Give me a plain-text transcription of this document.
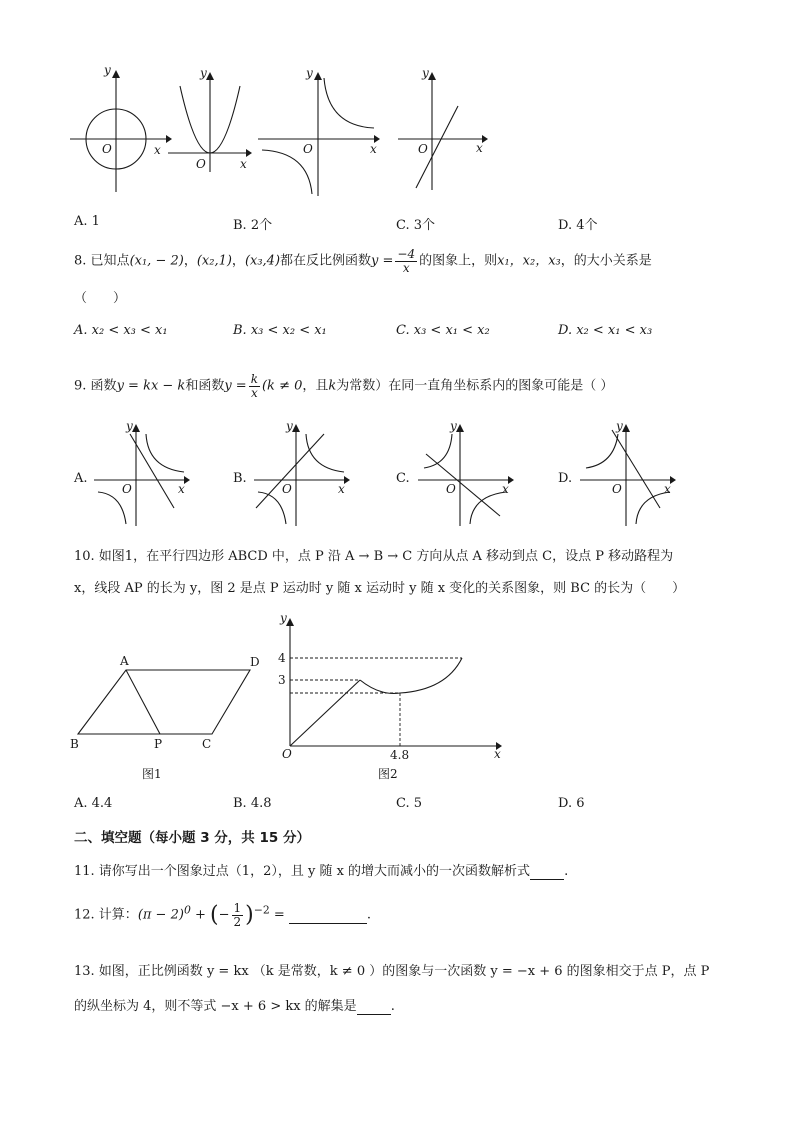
y
x
O
y
x
O
y
x
O
y
x
O
A. 1	B. 2个	C. 3个	D. 4个
8. 已知点(x₁, − 2)，(x₂,1)，(x₃,4)都在反比例函数$y = \frac{-4}{x}$ 的图象上，则x₁，x₂，x₃，的大小关系是
（　　）
A. x₂ < x₃ < x₁	B. x₃ < x₂ < x₁	C. x₃ < x₁ < x₂	D. x₂ < x₁ < x₃
9. 函数y = kx − k和函数$y = \frac{k}{x} (k \ne 0$，且k为常数）在同一直角坐标系内的图象可能是（ ）
A.
y
x
O
B.
y
x
O
C.
y
x
O
D.
y
x
O
10. 如图1，在平行四边形 ABCD 中，点 P 沿 A → B → C 方向从点 A 移动到点 C，设点 P 移动路程为
x，线段 AP 的长为 y，图 2 是点 P 运动时 y 随 x 运动时 y 随 x 变化的关系图象，则 BC 的长为（　　）
A	D
B	P	C
图1
y
x
4
3
O	4.8
图2
A. 4.4	B. 4.8	C. 5	D. 6
二、填空题（每小题 3 分，共 15 分）
11. 请你写出一个图象过点（1，2），且 y 随 x 的增大而减小的一次函数解析式	.
12. 计算：$(\pi - 2)^0$ + (− $\frac{1}{2} )^{-2}$ =	.
13. 如图，正比例函数 y = kx （k 是常数，k ≠ 0 ）的图象与一次函数 y = −x + 6 的图象相交于点 P，点 P
的纵坐标为 4，则不等式 −x + 6 > kx 的解集是	.
